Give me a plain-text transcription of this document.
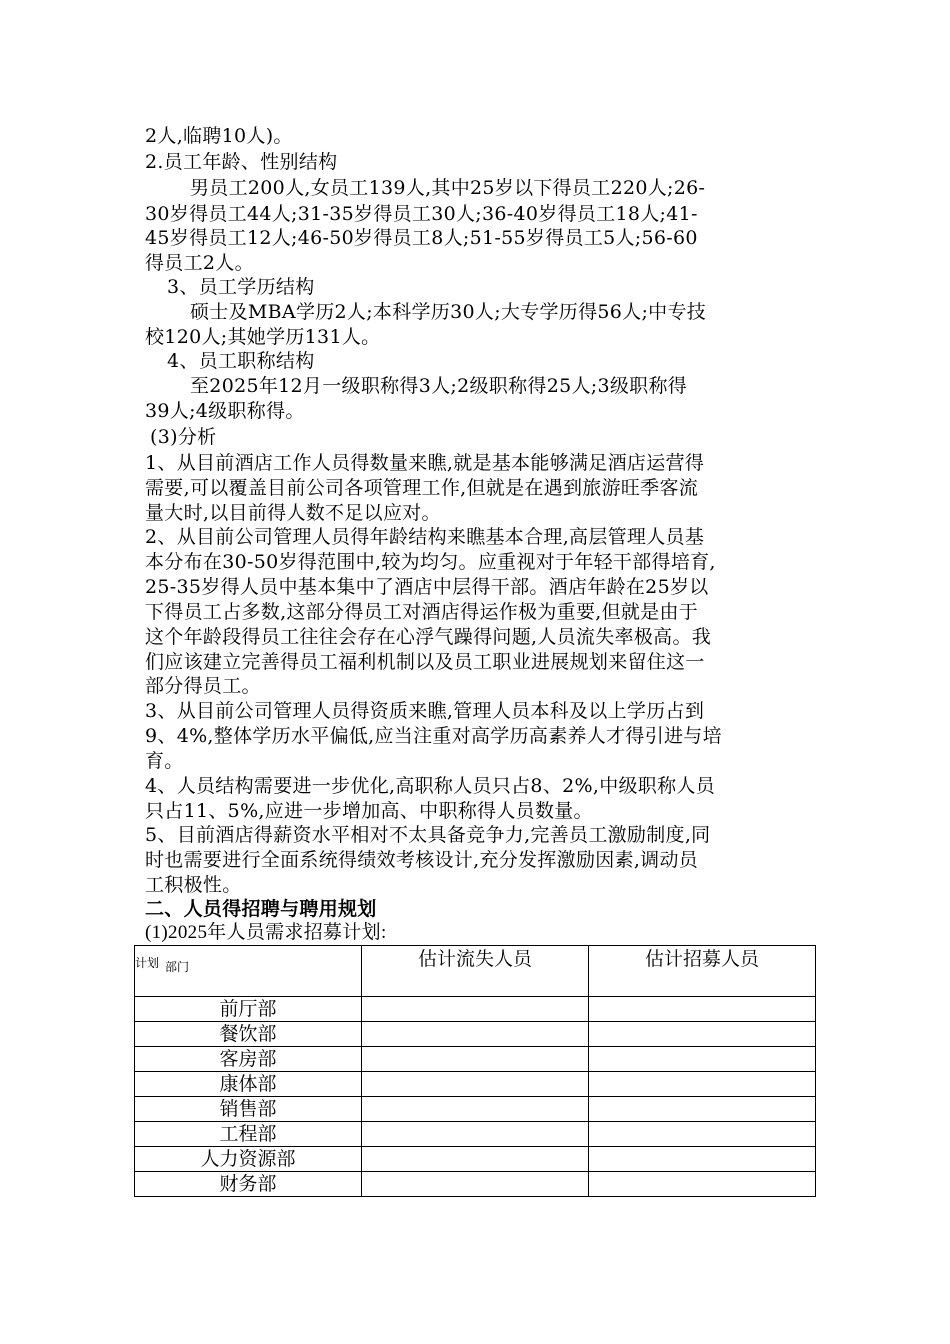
2人,临聘10人)。
2.员工年龄、性别结构
男员工200人,女员工139人,其中25岁以下得员工220人;26-
30岁得员工44人;31-35岁得员工30人;36-40岁得员工18人;41-
45岁得员工12人;46-50岁得员工8人;51-55岁得员工5人;56-60
得员工2人。
3、员工学历结构
硕士及MBA学历2人;本科学历30人;大专学历得56人;中专技
校120人;其她学历131人。
4、员工职称结构
至2025年12月一级职称得3人;2级职称得25人;3级职称得
39人;4级职称得。
(3)分析
1、从目前酒店工作人员得数量来瞧,就是基本能够满足酒店运营得
需要,可以覆盖目前公司各项管理工作,但就是在遇到旅游旺季客流
量大时,以目前得人数不足以应对。
2、从目前公司管理人员得年龄结构来瞧基本合理,高层管理人员基
本分布在30-50岁得范围中,较为均匀。应重视对于年轻干部得培育,
25-35岁得人员中基本集中了酒店中层得干部。酒店年龄在25岁以
下得员工占多数,这部分得员工对酒店得运作极为重要,但就是由于
这个年龄段得员工往往会存在心浮气躁得问题,人员流失率极高。我
们应该建立完善得员工福利机制以及员工职业进展规划来留住这一
部分得员工。
3、从目前公司管理人员得资质来瞧,管理人员本科及以上学历占到
9、4%,整体学历水平偏低,应当注重对高学历高素养人才得引进与培
育。
4、人员结构需要进一步优化,高职称人员只占8、2%,中级职称人员
只占11、5%,应进一步增加高、中职称得人员数量。
5、目前酒店得薪资水平相对不太具备竞争力,完善员工激励制度,同
时也需要进行全面系统得绩效考核设计,充分发挥激励因素,调动员
工积极性。
二、人员得招聘与聘用规划
(1)2025年人员需求招募计划:
计划 部门	估计流失人员	估计招募人员
前厅部		
餐饮部		
客房部		
康体部		
销售部		
工程部		
人力资源部		
财务部		
